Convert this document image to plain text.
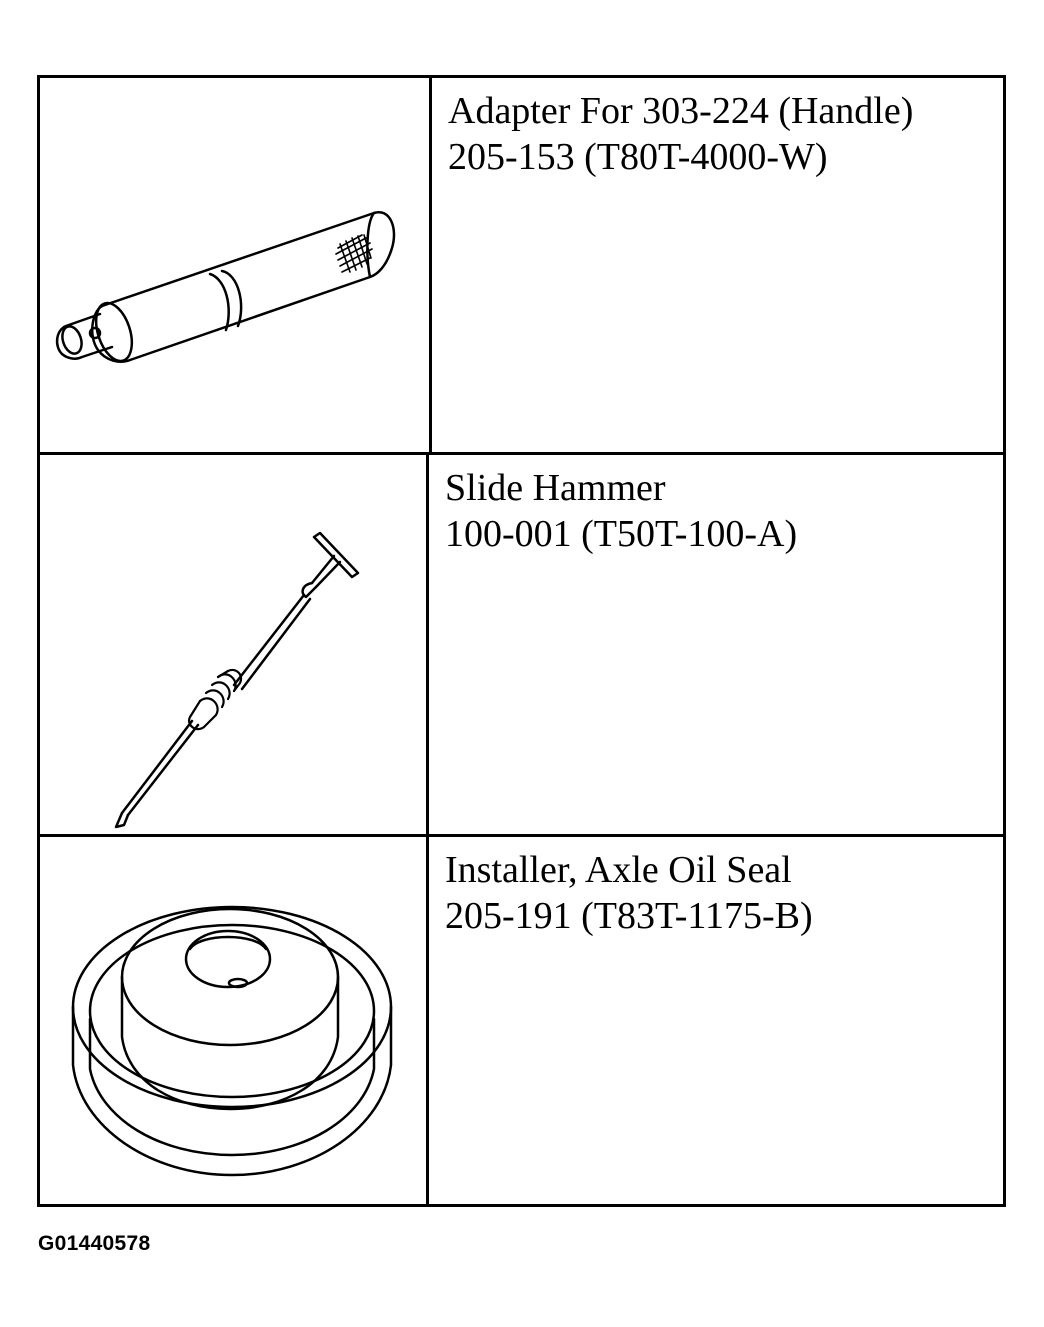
Adapter For 303-224 (Handle)
205-153 (T80T-4000-W)
Slide Hammer
100-001 (T50T-100-A)
Installer, Axle Oil Seal
205-191 (T83T-1175-B)
G01440578
